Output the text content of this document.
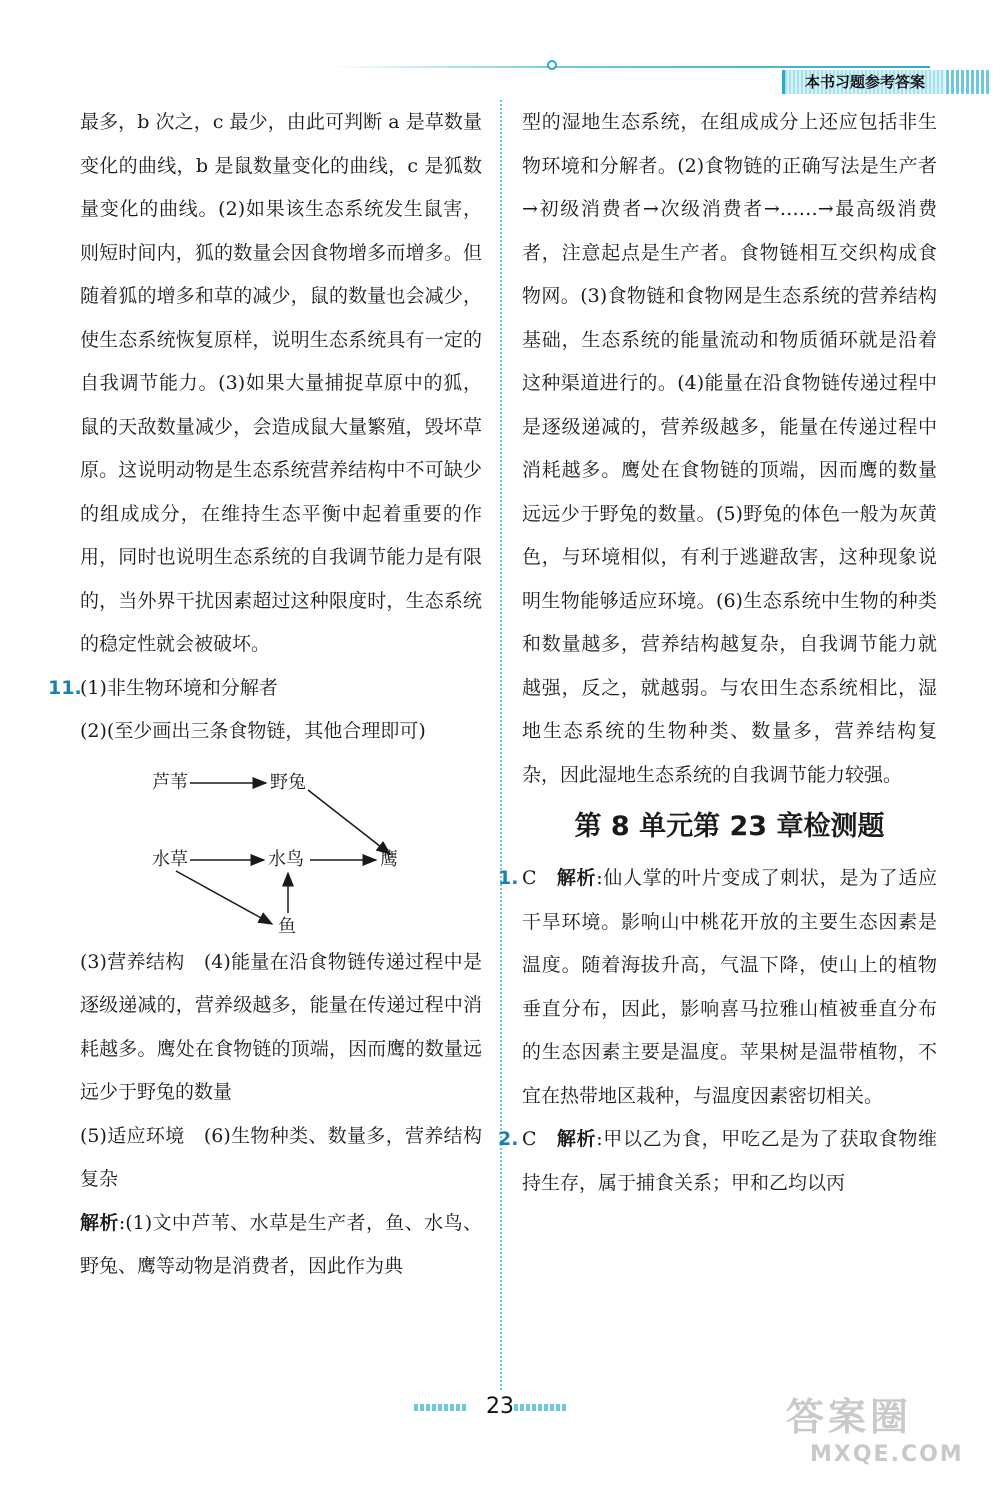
本书习题参考答案

最多，b 次之，c 最少，由此可判断 a 是草数量变化的曲线，b 是鼠数量变化的曲线，c 是狐数量变化的曲线。(2)如果该生态系统发生鼠害，则短时间内，狐的数量会因食物增多而增多。但随着狐的增多和草的减少，鼠的数量也会减少，使生态系统恢复原样，说明生态系统具有一定的自我调节能力。(3)如果大量捕捉草原中的狐，鼠的天敌数量减少，会造成鼠大量繁殖，毁坏草原。这说明动物是生态系统营养结构中不可缺少的组成成分，在维持生态平衡中起着重要的作用，同时也说明生态系统的自我调节能力是有限的，当外界干扰因素超过这种限度时，生态系统的稳定性就会被破坏。

11.(1)非生物环境和分解者

(2)(至少画出三条食物链，其他合理即可)

芦苇	野兔
水草	水鸟	鹰
鱼

(3)营养结构　(4)能量在沿食物链传递过程中是逐级递减的，营养级越多，能量在传递过程中消耗越多。鹰处在食物链的顶端，因而鹰的数量远远少于野兔的数量

(5)适应环境　(6)生物种类、数量多，营养结构复杂

解析:(1)文中芦苇、水草是生产者，鱼、水鸟、野兔、鹰等动物是消费者，因此作为典

型的湿地生态系统，在组成成分上还应包括非生物环境和分解者。(2)食物链的正确写法是生产者→初级消费者→次级消费者→……→最高级消费者，注意起点是生产者。食物链相互交织构成食物网。(3)食物链和食物网是生态系统的营养结构基础，生态系统的能量流动和物质循环就是沿着这种渠道进行的。(4)能量在沿食物链传递过程中是逐级递减的，营养级越多，能量在传递过程中消耗越多。鹰处在食物链的顶端，因而鹰的数量远远少于野兔的数量。(5)野兔的体色一般为灰黄色，与环境相似，有利于逃避敌害，这种现象说明生物能够适应环境。(6)生态系统中生物的种类和数量越多，营养结构越复杂，自我调节能力就越强，反之，就越弱。与农田生态系统相比，湿地生态系统的生物种类、数量多，营养结构复杂，因此湿地生态系统的自我调节能力较强。

第 8 单元第 23 章检测题

1. C　 解析:仙人掌的叶片变成了刺状，是为了适应干旱环境。影响山中桃花开放的主要生态因素是温度。随着海拔升高，气温下降，使山上的植物垂直分布，因此，影响喜马拉雅山植被垂直分布的生态因素主要是温度。苹果树是温带植物，不宜在热带地区栽种，与温度因素密切相关。

2. C　 解析:甲以乙为食，甲吃乙是为了获取食物维持生存，属于捕食关系；甲和乙均以丙

23	答案圈
MXQE.COM
